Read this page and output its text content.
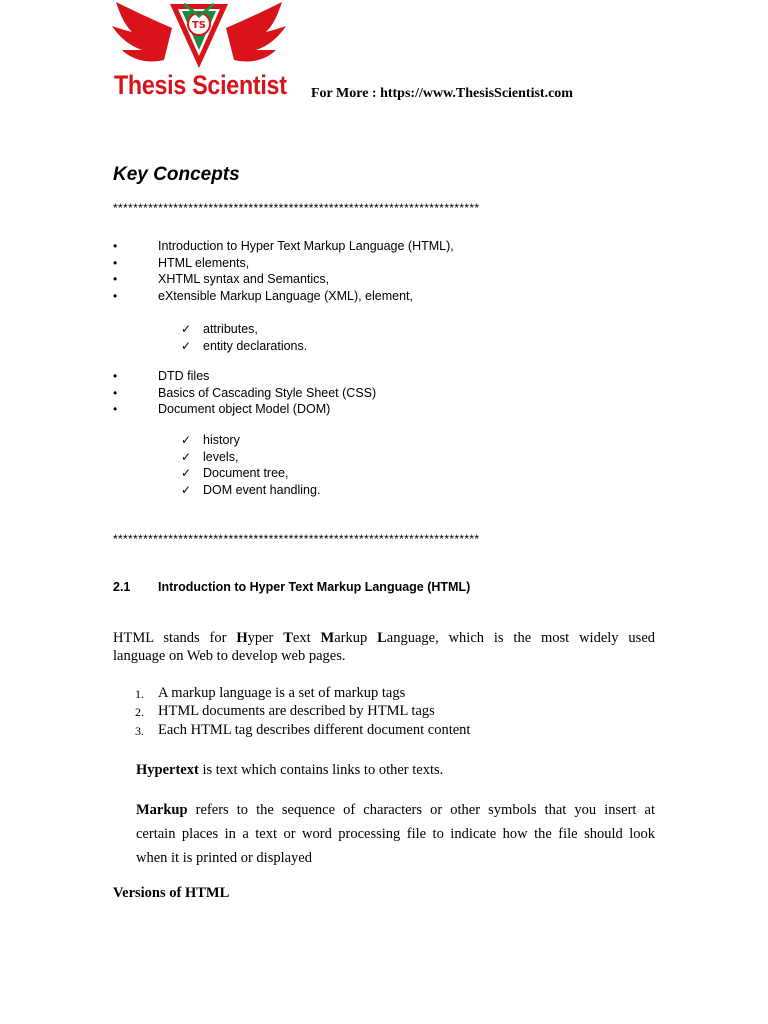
TS
Thesis Scientist For More : https://www.ThesisScientist.com
Key Concepts
*************************************************************************
•	Introduction to Hyper Text Markup Language (HTML),
•	HTML elements,
•	XHTML syntax and Semantics,
•	eXtensible Markup Language (XML), element,
✓ attributes,
✓ entity declarations.
•	DTD files
•	Basics of Cascading Style Sheet (CSS)
•	Document object Model (DOM)
✓ history
✓ levels,
✓ Document tree,
✓ DOM event handling.
*************************************************************************
2.1 Introduction to Hyper Text Markup Language (HTML)
HTML stands for Hyper Text Markup Language, which is the most widely used
language on Web to develop web pages.
1. A markup language is a set of markup tags
2. HTML documents are described by HTML tags
3. Each HTML tag describes different document content
Hypertext is text which contains links to other texts.
Markup refers to the sequence of characters or other symbols that you insert at
certain places in a text or word processing file to indicate how the file should look
when it is printed or displayed
Versions of HTML
